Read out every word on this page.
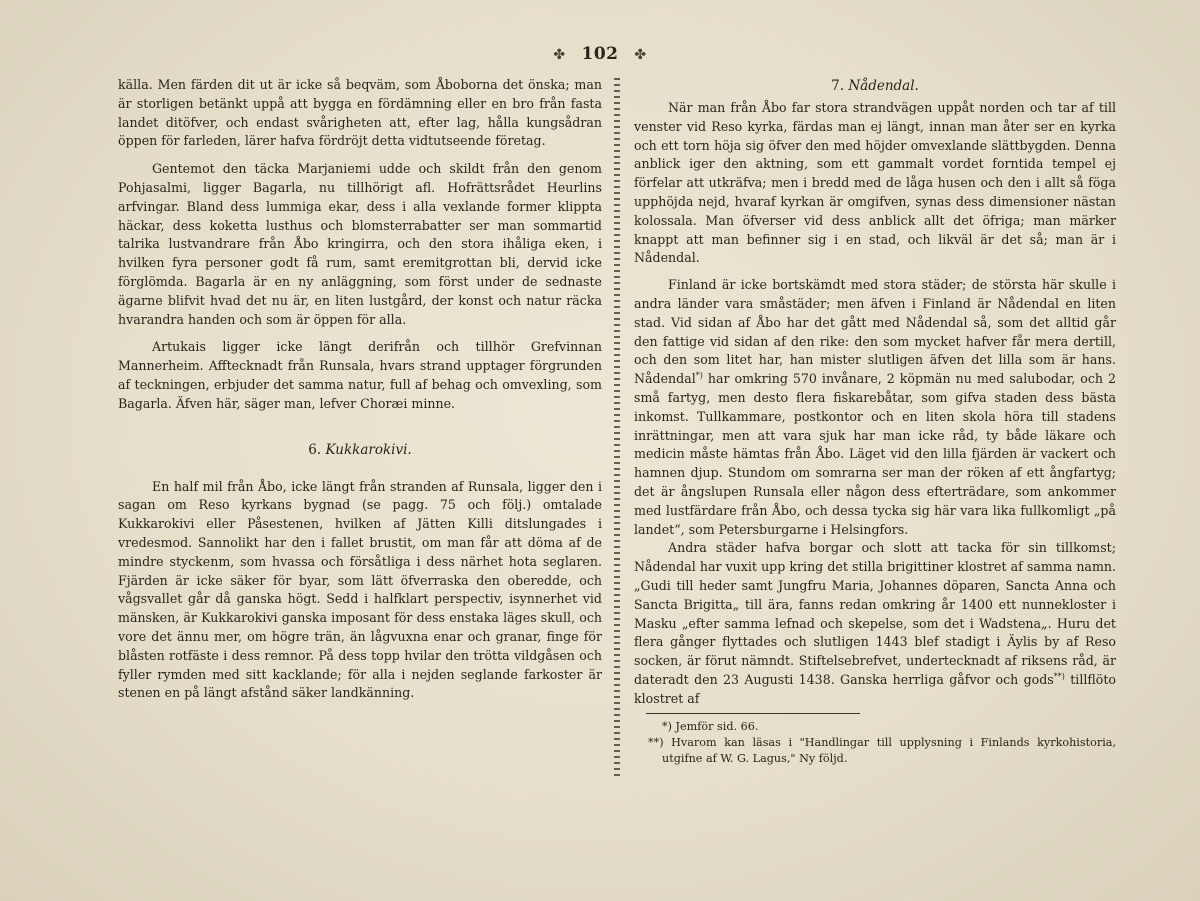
✤ 102 ✤

källa. Men färden dit ut är icke så beqväm, som Åboborna det önska; man är storligen betänkt uppå att bygga en fördämning eller en bro från fasta landet ditöfver, och endast svårigheten att, efter lag, hålla kungsådran öppen för farleden, lärer hafva fördröjt detta vidtutseende företag.

Gentemot den täcka Marjaniemi udde och skildt från den genom Pohjasalmi, ligger Bagarla, nu tillhörigt afl. Hofrättsrådet Heurlins arfvingar. Bland dess lummiga ekar, dess i alla vexlande former klippta häckar, dess koketta lusthus och blomsterrabatter ser man sommartid talrika lustvandrare från Åbo kringirra, och den stora ihåliga eken, i hvilken fyra personer godt få rum, samt eremitgrottan bli, dervid icke förglömda. Bagarla är en ny anläggning, som först under de sednaste ägarne blifvit hvad det nu är, en liten lustgård, der konst och natur räcka hvarandra handen och som är öppen för alla.

Artukais ligger icke längt derifrån och tillhör Grefvinnan Mannerheim. Afftecknadt från Runsala, hvars strand upptager förgrunden af teckningen, erbjuder det samma natur, full af behag och omvexling, som Bagarla. Äfven här, säger man, lefver Choræi minne.

6. Kukkarokivi.

En half mil från Åbo, icke längt från stranden af Runsala, ligger den i sagan om Reso kyrkans bygnad (se pagg. 75 och följ.) omtalade Kukkarokivi eller Påsestenen, hvilken af Jätten Killi ditslungades i vredesmod. Sannolikt har den i fallet brustit, om man får att döma af de mindre styckenm, som hvassa och försåtliga i dess närhet hota seglaren. Fjärden är icke säker för byar, som lätt öfverraska den oberedde, och vågsvallet går då ganska högt. Sedd i halfklart perspectiv, isynnerhet vid mänsken, är Kukkarokivi ganska imposant för dess enstaka läges skull, och vore det ännu mer, om högre trän, än lågvuxna enar och granar, finge för blåsten rotfäste i dess remnor. På dess topp hvilar den trötta vildgåsen och fyller rymden med sitt kacklande; för alla i nejden seglande farkoster är stenen en på längt afstånd säker landkänning.

7. Nådendal.

När man från Åbo far stora strandvägen uppåt norden och tar af till venster vid Reso kyrka, färdas man ej längt, innan man åter ser en kyrka och ett torn höja sig öfver den med höjder omvexlande slättbygden. Denna anblick iger den aktning, som ett gammalt vordet forntida tempel ej förfelar att utkräfva; men i bredd med de låga husen och den i allt så föga upphöjda nejd, hvaraf kyrkan är omgifven, synas dess dimensioner nästan kolossala. Man öfverser vid dess anblick allt det öfriga; man märker knappt att man befinner sig i en stad, och likväl är det så; man är i Nådendal.

Finland är icke bortskämdt med stora städer; de största här skulle i andra länder vara småstäder; men äfven i Finland är Nådendal en liten stad. Vid sidan af Åbo har det gått med Nådendal så, som det alltid går den fattige vid sidan af den rike: den som mycket hafver får mera dertill, och den som litet har, han mister slutligen äfven det lilla som är hans. Nådendal*) har omkring 570 invånare, 2 köpmän nu med salubodar, och 2 små fartyg, men desto flera fiskarebåtar, som gifva staden dess bästa inkomst. Tullkammare, postkontor och en liten skola höra till stadens inrättningar, men att vara sjuk har man icke råd, ty både läkare och medicin måste hämtas från Åbo. Läget vid den lilla fjärden är vackert och hamnen djup. Stundom om somrarna ser man der röken af ett ångfartyg; det är ångslupen Runsala eller någon dess efterträdare, som ankommer med lustfärdare från Åbo, och dessa tycka sig här vara lika fullkomligt „på landet“, som Petersburgarne i Helsingfors.

Andra städer hafva borgar och slott att tacka för sin tillkomst; Nådendal har vuxit upp kring det stilla brigittiner klostret af samma namn. „Gudi till heder samt Jungfru Maria, Johannes döparen, Sancta Anna och Sancta Brigitta„ till ära, fanns redan omkring år 1400 ett nunnekloster i Masku „efter samma lefnad och skepelse, som det i Wadstena„. Huru det flera gånger flyttades och slutligen 1443 blef stadigt i Äylis by af Reso socken, är förut nämndt. Stiftelsebrefvet, undertecknadt af riksens råd, är dateradt den 23 Augusti 1438. Ganska herrliga gåfvor och gods**) tillflöto klostret af

*) Jemför sid. 66.

**) Hvarom kan läsas i "Handlingar till upplysning i Finlands kyrkohistoria, utgifne af W. G. Lagus," Ny följd.
